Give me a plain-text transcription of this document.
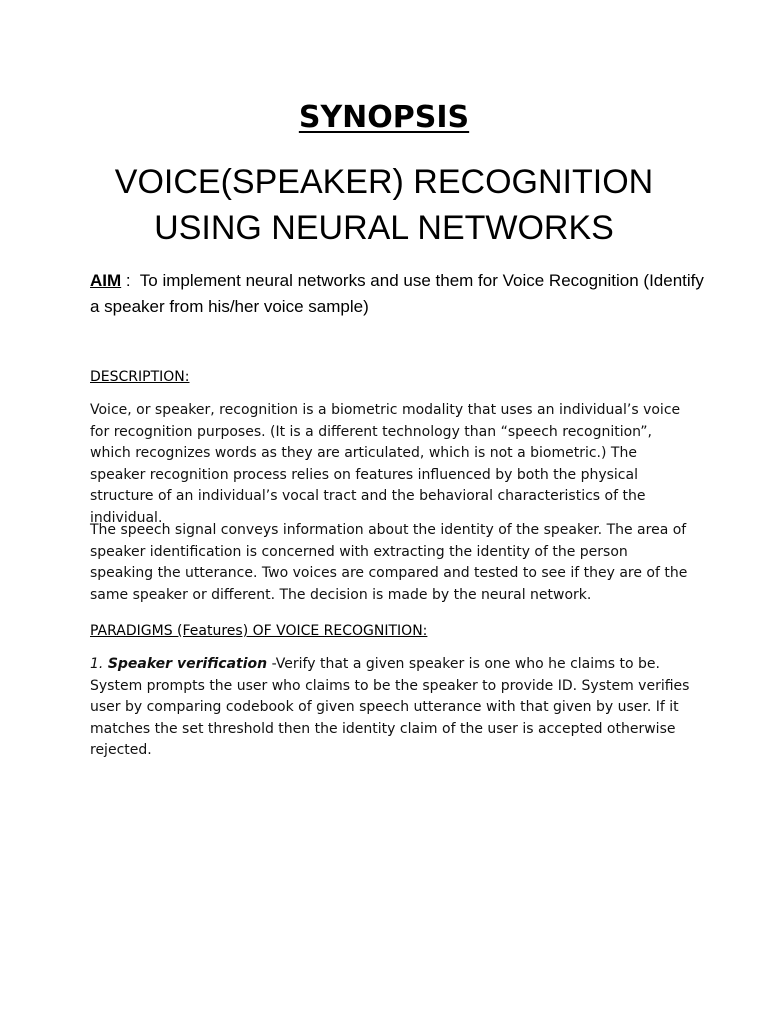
SYNOPSIS
VOICE(SPEAKER) RECOGNITION
USING NEURAL NETWORKS
AIM :  To implement neural networks and use them for Voice Recognition (Identify a speaker from his/her voice sample)
DESCRIPTION:
Voice, or speaker, recognition is a biometric modality that uses an individual’s voice for recognition purposes. (It is a different technology than “speech recognition”, which recognizes words as they are articulated, which is not a biometric.) The speaker recognition process relies on features influenced by both the physical structure of an individual’s vocal tract and the behavioral characteristics of the individual.
The speech signal conveys information about the identity of the speaker. The area of speaker identification is concerned with extracting the identity of the person speaking the utterance. Two voices are compared and tested to see if they are of the same speaker or different. The decision is made by the neural network.
PARADIGMS (Features) OF VOICE RECOGNITION:
1. Speaker verification -Verify that a given speaker is one who he claims to be. System prompts the user who claims to be the speaker to provide ID. System verifies user by comparing codebook of given speech utterance with that given by user. If it matches the set threshold then the identity claim of the user is accepted otherwise rejected.
